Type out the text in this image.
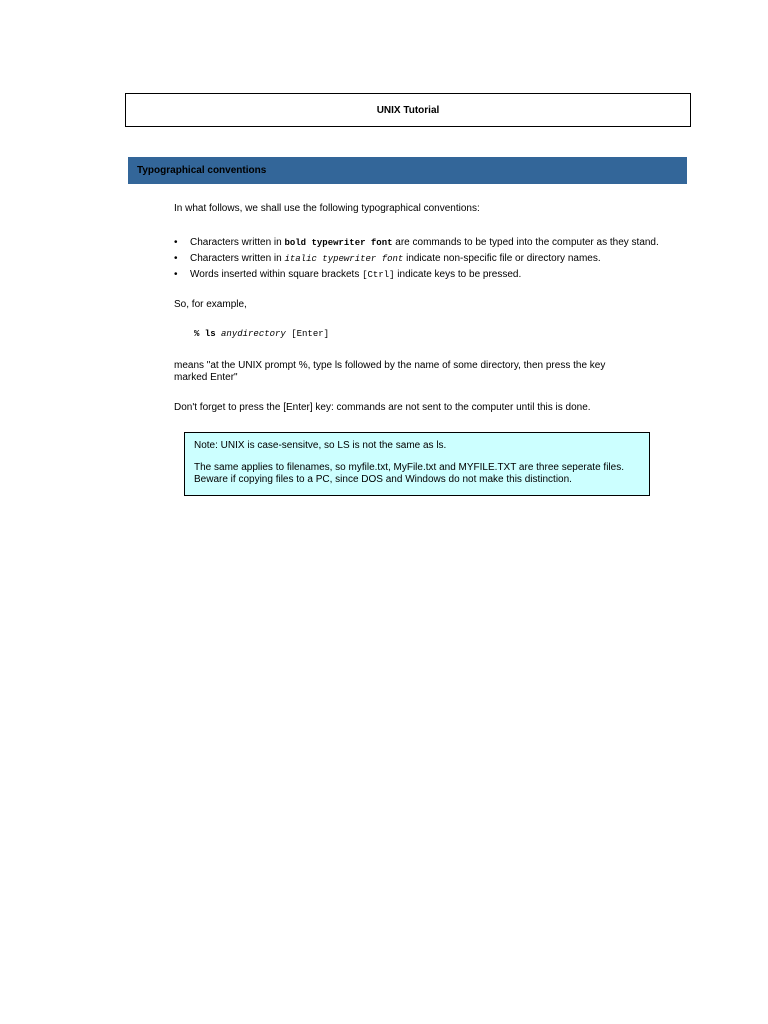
UNIX Tutorial
Typographical conventions
In what follows, we shall use the following typographical conventions:
• Characters written in bold typewriter font are commands to be typed into the computer as they stand.
• Characters written in italic typewriter font indicate non-specific file or directory names.
• Words inserted within square brackets [Ctrl] indicate keys to be pressed.
So, for example,
% ls anydirectory [Enter]
means "at the UNIX prompt %, type ls followed by the name of some directory, then press the key marked Enter"
Don't forget to press the [Enter] key: commands are not sent to the computer until this is done.

Note: UNIX is case-sensitve, so LS is not the same as ls.

The same applies to filenames, so myfile.txt, MyFile.txt and MYFILE.TXT are three seperate files. Beware if copying files to a PC, since DOS and Windows do not make this distinction.
